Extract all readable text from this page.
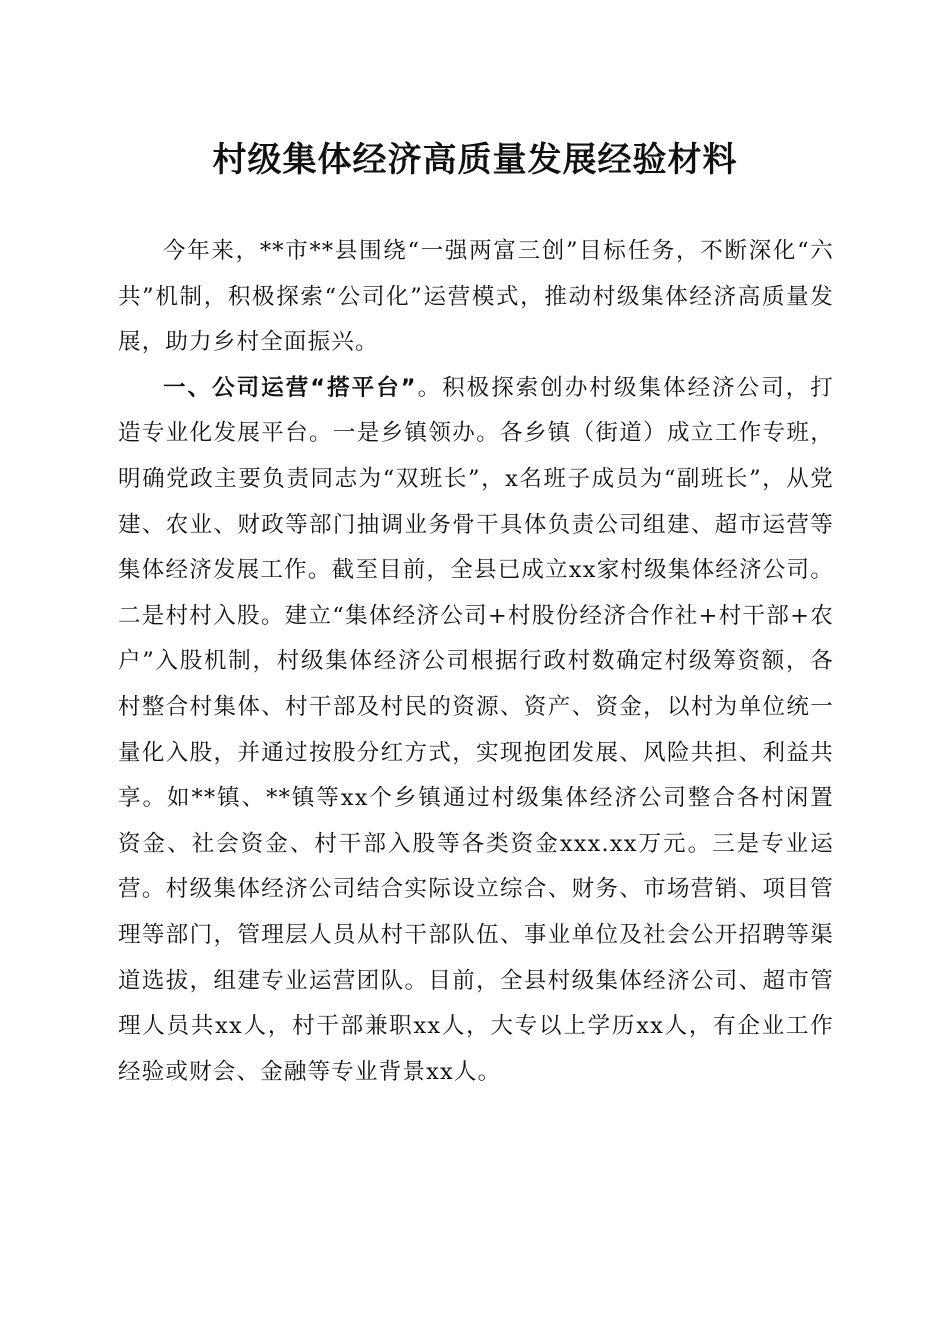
村级集体经济高质量发展经验材料

今年来，**市**县围绕“一强两富三创”目标任务，不断深化“六共”机制，积极探索“公司化”运营模式，推动村级集体经济高质量发展，助力乡村全面振兴。

一、公司运营“搭平台”。积极探索创办村级集体经济公司，打造专业化发展平台。一是乡镇领办。各乡镇（街道）成立工作专班，明确党政主要负责同志为“双班长”，x名班子成员为“副班长”，从党建、农业、财政等部门抽调业务骨干具体负责公司组建、超市运营等集体经济发展工作。截至目前，全县已成立xx家村级集体经济公司。二是村村入股。建立“集体经济公司+村股份经济合作社+村干部+农户”入股机制，村级集体经济公司根据行政村数确定村级筹资额，各村整合村集体、村干部及村民的资源、资产、资金，以村为单位统一量化入股，并通过按股分红方式，实现抱团发展、风险共担、利益共享。如**镇、**镇等xx个乡镇通过村级集体经济公司整合各村闲置资金、社会资金、村干部入股等各类资金xxx.xx万元。三是专业运营。村级集体经济公司结合实际设立综合、财务、市场营销、项目管理等部门，管理层人员从村干部队伍、事业单位及社会公开招聘等渠道选拔，组建专业运营团队。目前，全县村级集体经济公司、超市管理人员共xx人，村干部兼职xx人，大专以上学历xx人，有企业工作经验或财会、金融等专业背景xx人。
